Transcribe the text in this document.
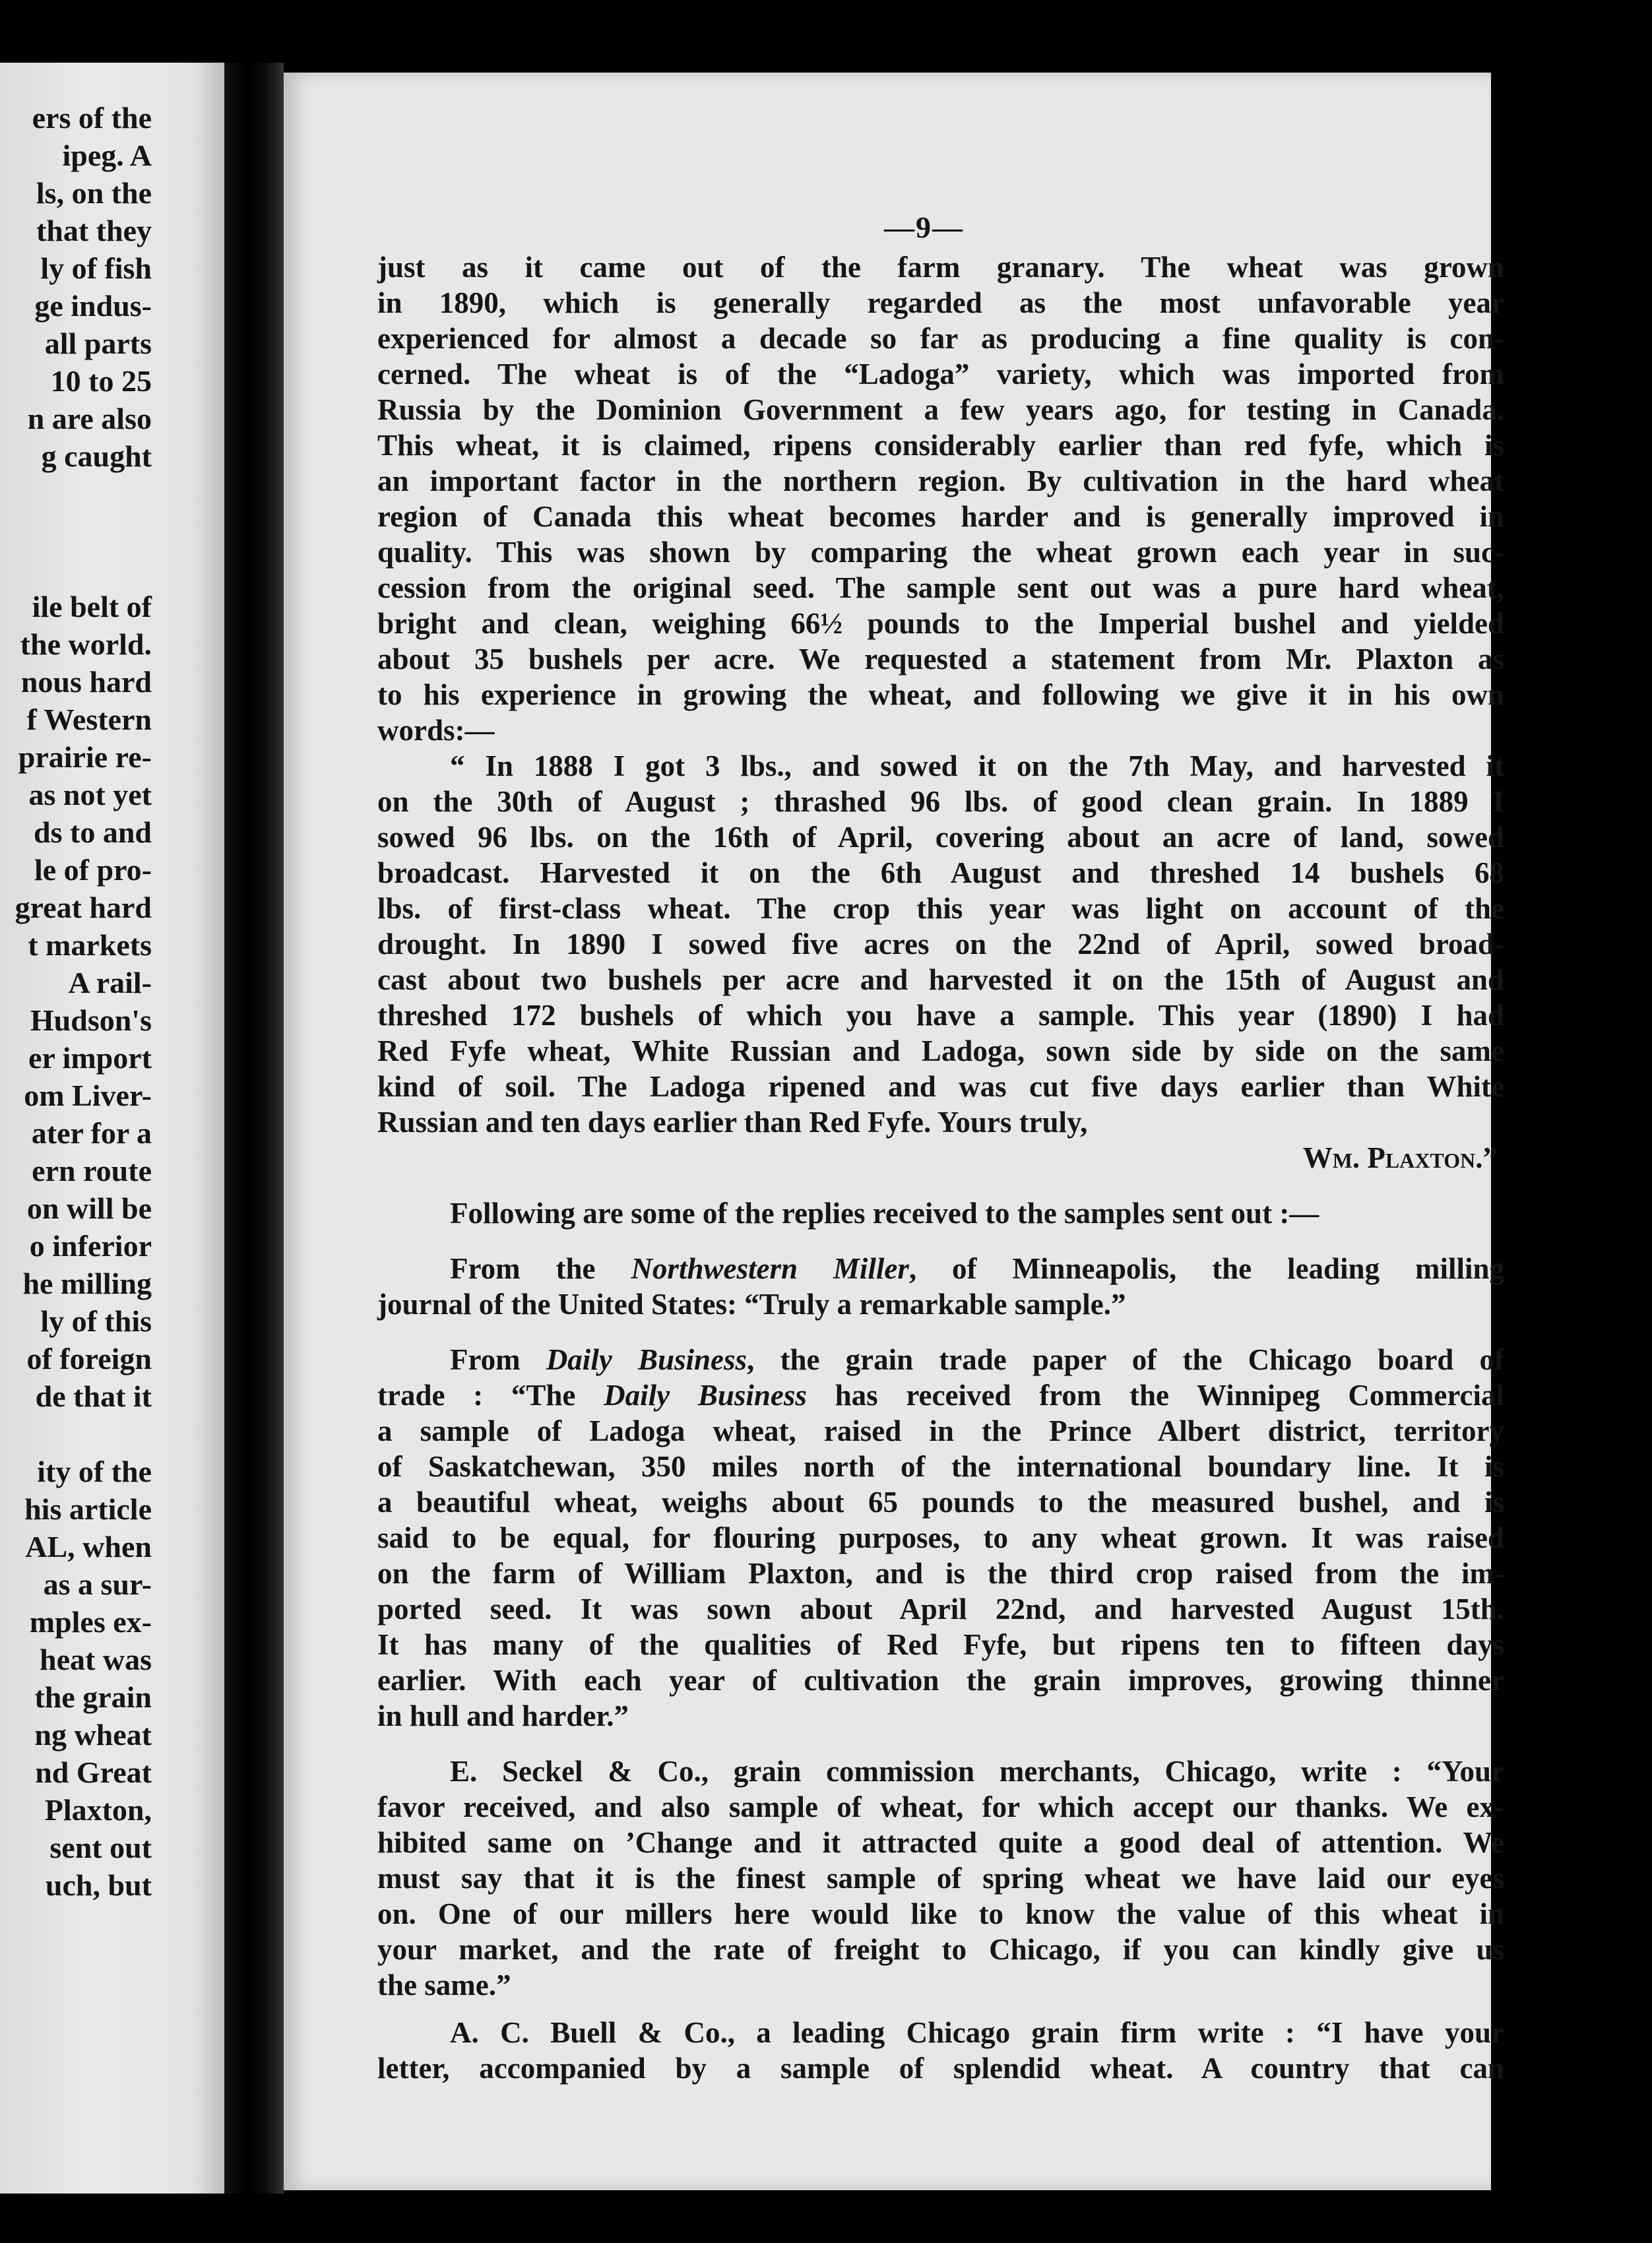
ers of the
ipeg. A
ls, on the
that they
ly of fish
ge indus-
all parts
10 to 25
n are also
g caught
ile belt of
the world.
nous hard
f Western
prairie re-
as not yet
ds to and
le of pro-
great hard
t markets
A rail-
Hudson's
er import
om Liver-
ater for a
ern route
on will be
o inferior
he milling
ly of this
of foreign
de that it
ity of the
his article
AL, when
as a sur-
mples ex-
heat was
the grain
ng wheat
nd Great
Plaxton,
sent out
uch, but
—9—
just as it came out of the farm granary. The wheat was grown
in 1890, which is generally regarded as the most unfavorable year
experienced for almost a decade so far as producing a fine quality is con-
cerned. The wheat is of the “Ladoga” variety, which was imported from
Russia by the Dominion Government a few years ago, for testing in Canada.
This wheat, it is claimed, ripens considerably earlier than red fyfe, which is
an important factor in the northern region. By cultivation in the hard wheat
region of Canada this wheat becomes harder and is generally improved in
quality. This was shown by comparing the wheat grown each year in suc-
cession from the original seed. The sample sent out was a pure hard wheat,
bright and clean, weighing 66½ pounds to the Imperial bushel and yielded
about 35 bushels per acre. We requested a statement from Mr. Plaxton as
to his experience in growing the wheat, and following we give it in his own
words:—
“ In 1888 I got 3 lbs., and sowed it on the 7th May, and harvested it
on the 30th of August ; thrashed 96 lbs. of good clean grain. In 1889 I
sowed 96 lbs. on the 16th of April, covering about an acre of land, sowed
broadcast. Harvested it on the 6th August and threshed 14 bushels 68
lbs. of first-class wheat. The crop this year was light on account of the
drought. In 1890 I sowed five acres on the 22nd of April, sowed broad-
cast about two bushels per acre and harvested it on the 15th of August and
threshed 172 bushels of which you have a sample. This year (1890) I had
Red Fyfe wheat, White Russian and Ladoga, sown side by side on the same
kind of soil. The Ladoga ripened and was cut five days earlier than White
Russian and ten days earlier than Red Fyfe. Yours truly,
Wm. Plaxton.”
Following are some of the replies received to the samples sent out :—
From the Northwestern Miller, of Minneapolis, the leading milling
journal of the United States: “Truly a remarkable sample.”
From Daily Business, the grain trade paper of the Chicago board of
trade : “The Daily Business has received from the Winnipeg Commercial
a sample of Ladoga wheat, raised in the Prince Albert district, territory
of Saskatchewan, 350 miles north of the international boundary line. It is
a beautiful wheat, weighs about 65 pounds to the measured bushel, and is
said to be equal, for flouring purposes, to any wheat grown. It was raised
on the farm of William Plaxton, and is the third crop raised from the im-
ported seed. It was sown about April 22nd, and harvested August 15th.
It has many of the qualities of Red Fyfe, but ripens ten to fifteen days
earlier. With each year of cultivation the grain improves, growing thinner
in hull and harder.”
E. Seckel & Co., grain commission merchants, Chicago, write : “Your
favor received, and also sample of wheat, for which accept our thanks. We ex-
hibited same on ’Change and it attracted quite a good deal of attention. We
must say that it is the finest sample of spring wheat we have laid our eyes
on. One of our millers here would like to know the value of this wheat in
your market, and the rate of freight to Chicago, if you can kindly give us
the same.”
A. C. Buell & Co., a leading Chicago grain firm write : “I have your
letter, accompanied by a sample of splendid wheat. A country that can
